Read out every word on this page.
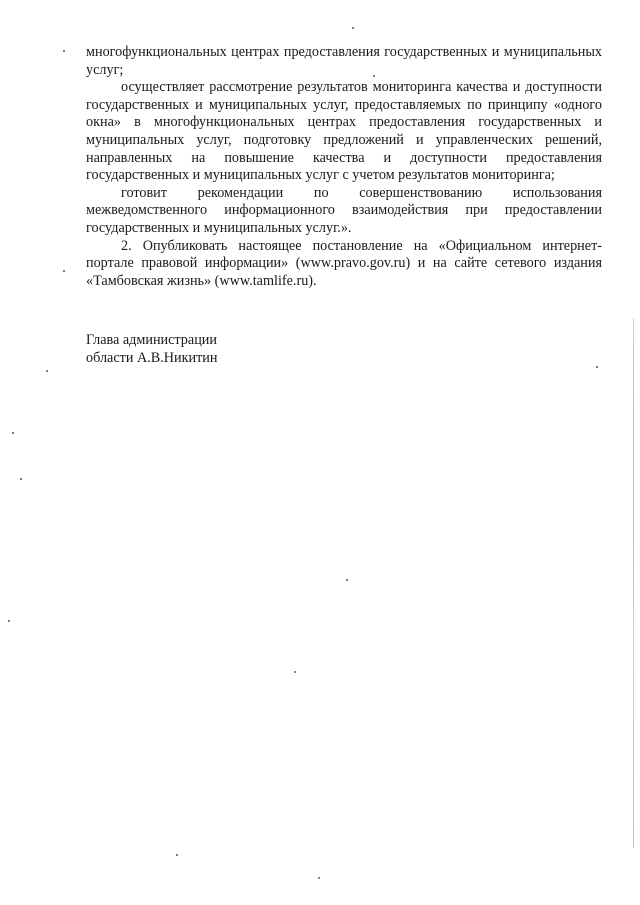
многофункциональных центрах предоставления государственных и муниципальных услуг;

осуществляет рассмотрение результатов мониторинга качества и доступности государственных и муниципальных услуг, предоставляемых по принципу «одного окна» в многофункциональных центрах предоставления государственных и муниципальных услуг, подготовку предложений и управленческих решений, направленных на повышение качества и доступности предоставления государственных и муниципальных услуг с учетом результатов мониторинга;

готовит рекомендации по совершенствованию использования межведомственного информационного взаимодействия при предоставлении государственных и муниципальных услуг.».

2. Опубликовать настоящее постановление на «Официальном интернет-портале правовой информации» (www.pravo.gov.ru) и на сайте сетевого издания «Тамбовская жизнь» (www.tamlife.ru).

Глава администрации
области А.В.Никитин
